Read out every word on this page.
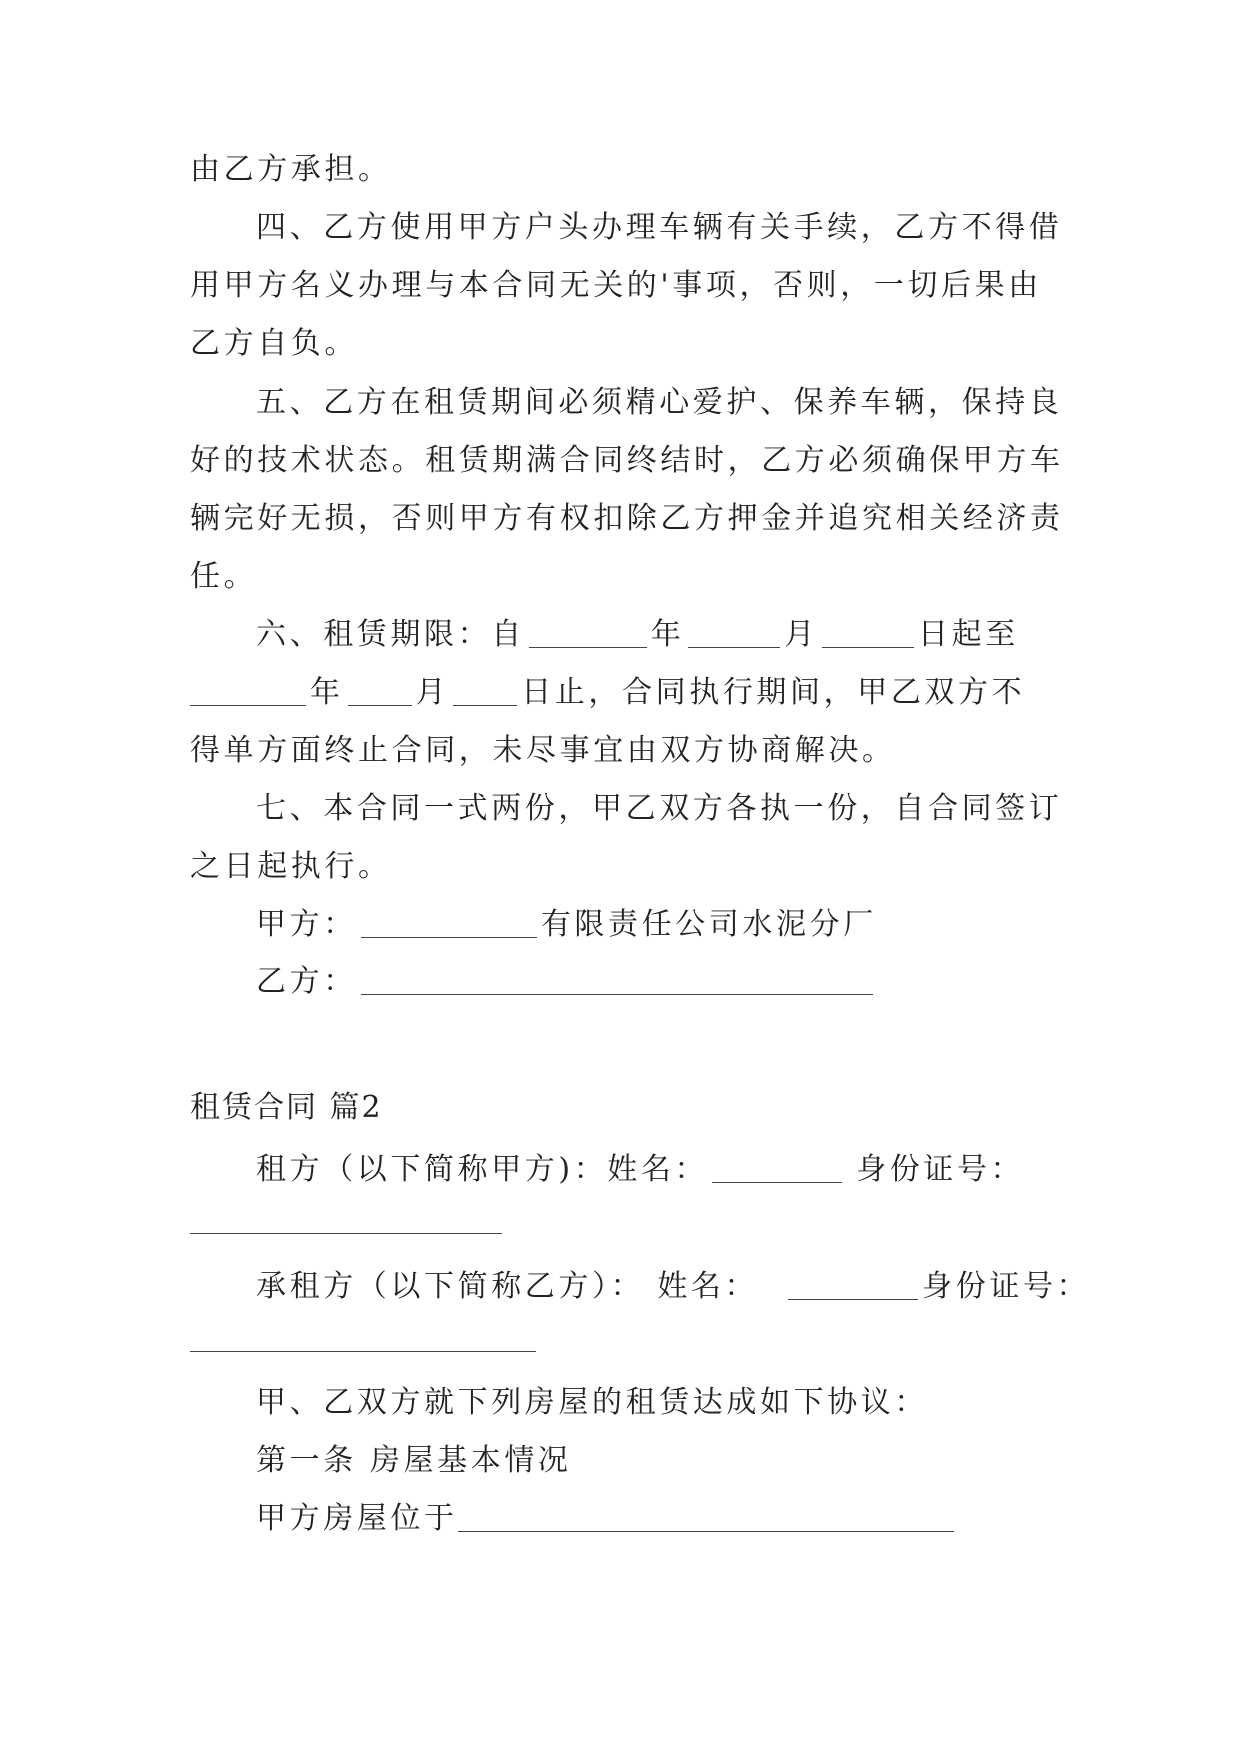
由乙方承担。
四、乙方使用甲方户头办理车辆有关手续，乙方不得借
用甲方名义办理与本合同无关的'事项，否则，一切后果由
乙方自负。
五、乙方在租赁期间必须精心爱护、保养车辆，保持良
好的技术状态。租赁期满合同终结时，乙方必须确保甲方车
辆完好无损，否则甲方有权扣除乙方押金并追究相关经济责
任。
六、租赁期限：自	年	月	日起至
年 月 日止，合同执行期间，甲乙双方不
得单方面终止合同，未尽事宜由双方协商解决。
七、本合同一式两份，甲乙双方各执一份，自合同签订
之日起执行。
甲方：	有限责任公司水泥分厂
乙方：
租赁合同 篇2
租方（以下简称甲方)：姓名：	身份证号：
承租方（以下简称乙方）： 姓名：	身份证号：
甲、乙双方就下列房屋的租赁达成如下协议：
第一条 房屋基本情况
甲方房屋位于
